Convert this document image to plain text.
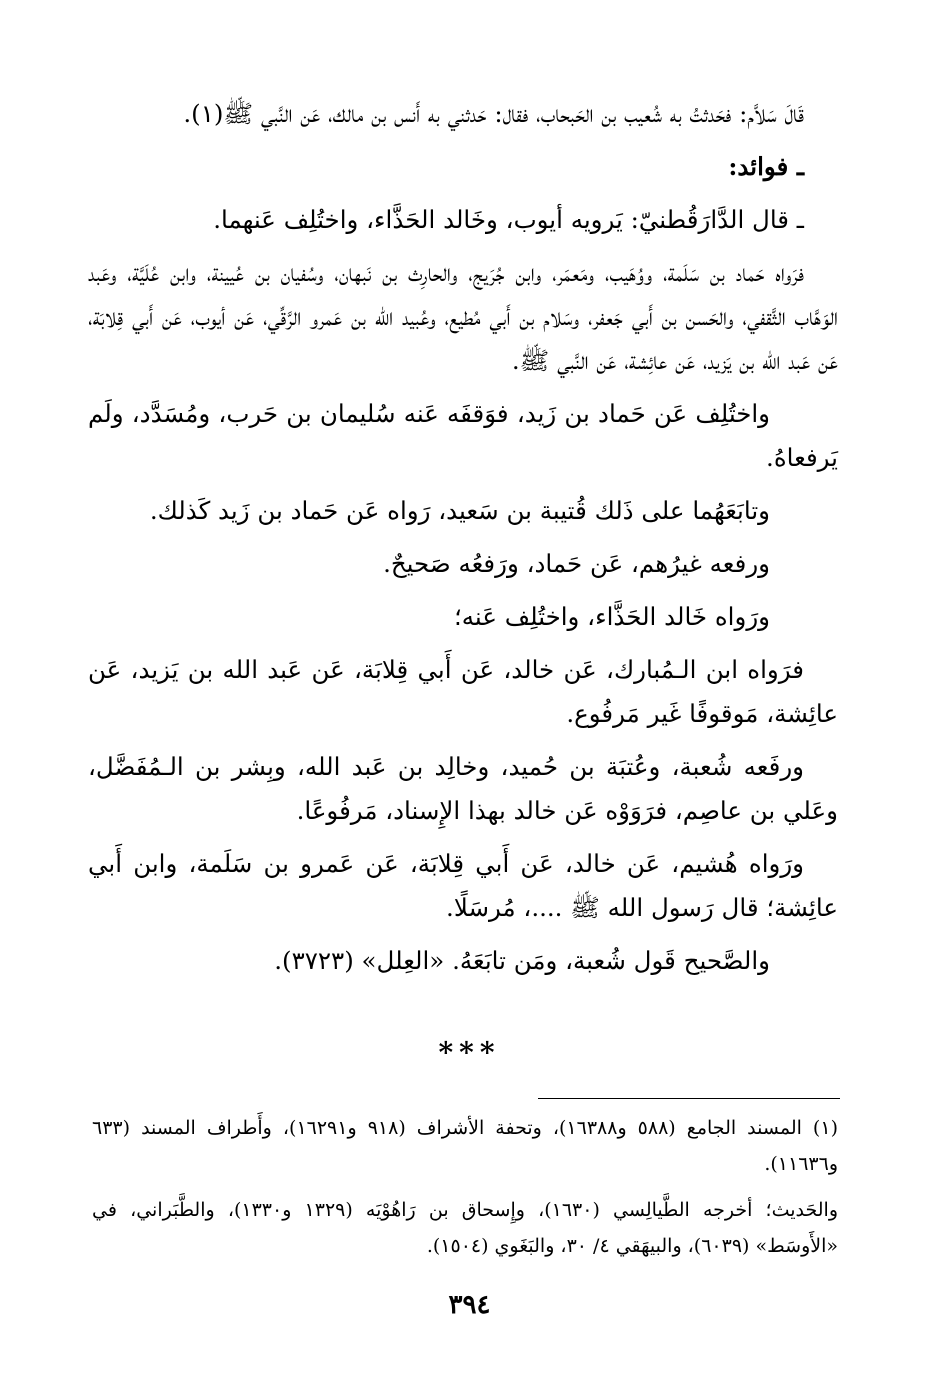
قَالَ سَلاَّم: فحَدثتُ به شُعيب بن الحَبحاب، فقال: حَدثني به أَنس بن مالك، عَن النَّبي ﷺ(١).

ـ فوائد:

ـ قال الدَّارَقُطنيّ: يَرويه أيوب، وخَالد الحَذَّاء، واختُلِف عَنهما.

فرَواه حَماد بن سَلَمة، ووُهَيب، ومَعمَر، وابن جُرَيج، والحارِث بن نَبهان، وسُفيان بن عُيينة، وابن عُلَيَّة، وعَبد الوَهَّاب الثَّقفي، والحَسن بن أَبي جَعفر، وسَلام بن أَبي مُطيع، وعُبيد الله بن عَمرو الرَّقِّي، عَن أيوب، عَن أَبي قِلابَة، عَن عَبد الله بن يَزيد، عَن عائِشة، عَن النَّبي ﷺ.

واختُلِف عَن حَماد بن زَيد، فوَقفَه عَنه سُليمان بن حَرب، ومُسَدَّد، ولَم يَرفعاهُ.

وتابَعَهُما على ذَلك قُتيبة بن سَعيد، رَواه عَن حَماد بن زَيد كَذلك.

ورفعه غيرُهم، عَن حَماد، ورَفعُه صَحيحٌ.

ورَواه خَالد الحَذَّاء، واختُلِف عَنه؛

فرَواه ابن الـمُبارك، عَن خالد، عَن أَبي قِلابَة، عَن عَبد الله بن يَزيد، عَن عائِشة، مَوقوفًا غَير مَرفُوع.

ورفَعه شُعبة، وعُتبَة بن حُميد، وخالِد بن عَبد الله، وبِشر بن الـمُفَضَّل، وعَلي بن عاصِم، فرَوَوْه عَن خالد بهذا الإِسناد، مَرفُوعًا.

ورَواه هُشيم، عَن خالد، عَن أَبي قِلابَة، عَن عَمرو بن سَلَمة، وابن أَبي عائِشة؛ قال رَسول الله ﷺ ....، مُرسَلًا.

والصَّحيح قَول شُعبة، ومَن تابَعَهُ. «العِلل» (٣٧٢٣).

***

(١) المسند الجامع (٥٨٨ و١٦٣٨٨)، وتحفة الأشراف (٩١٨ و١٦٢٩١)، وأَطراف المسند (٦٣٣ و١١٦٣٦).

والحَديث؛ أخرجه الطَّيالِسي (١٦٣٠)، وإِسحاق بن رَاهُوْيَه (١٣٢٩ و١٣٣٠)، والطَّبَراني، في «الأَوسَط» (٦٠٣٩)، والبيهَقي ٤/ ٣٠، والبَغَوي (١٥٠٤).

٣٩٤
